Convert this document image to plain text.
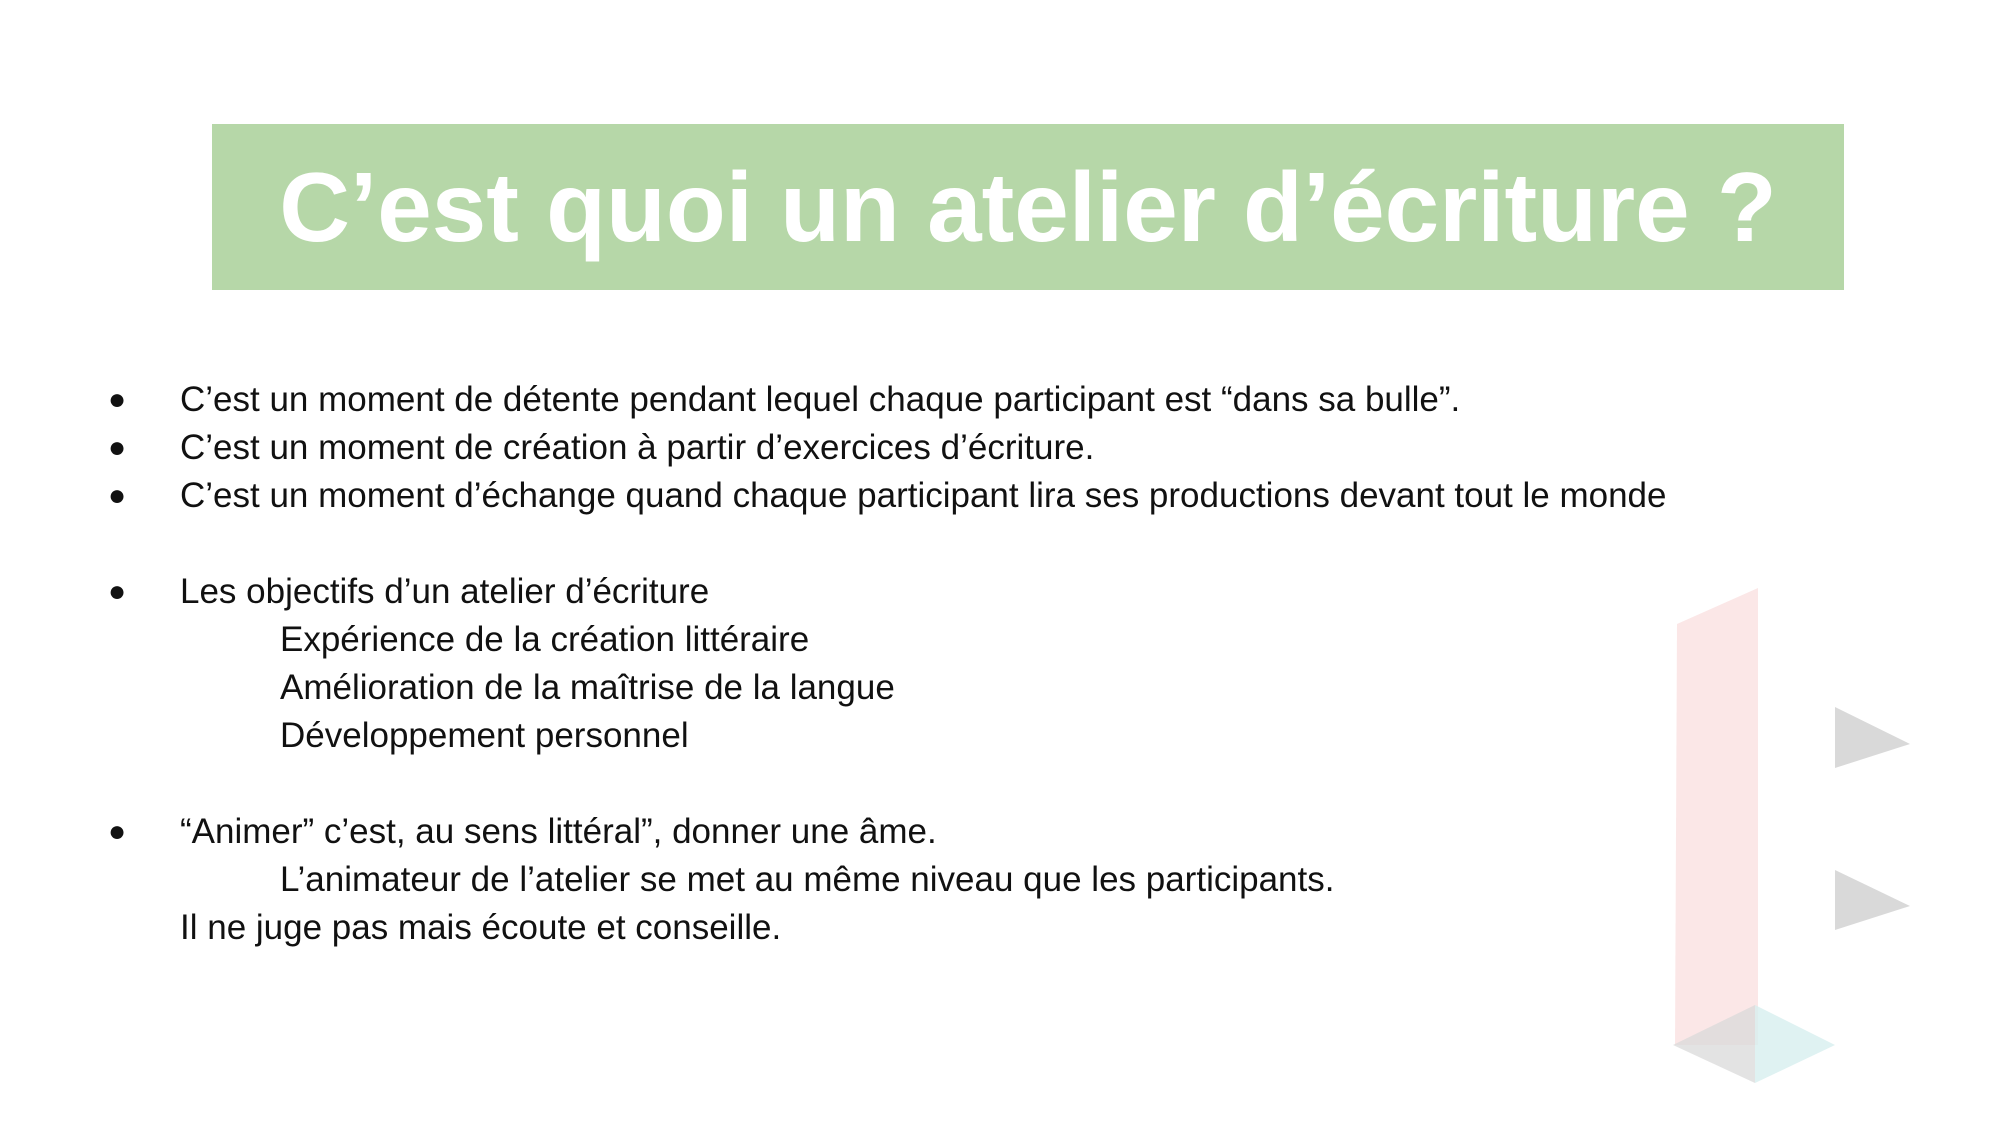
C’est quoi un atelier d’écriture ?
●	C’est un moment de détente pendant lequel chaque participant est “dans sa bulle”.
●	C’est un moment de création à partir d’exercices d’écriture.
●	C’est un moment d’échange quand chaque participant lira ses productions devant tout le monde
●	Les objectifs d’un atelier d’écriture
Expérience de la création littéraire
Amélioration de la maîtrise de la langue
Développement personnel
●	“Animer” c’est, au sens littéral”, donner une âme.
L’animateur de l’atelier se met au même niveau que les participants.
Il ne juge pas mais écoute et conseille.
